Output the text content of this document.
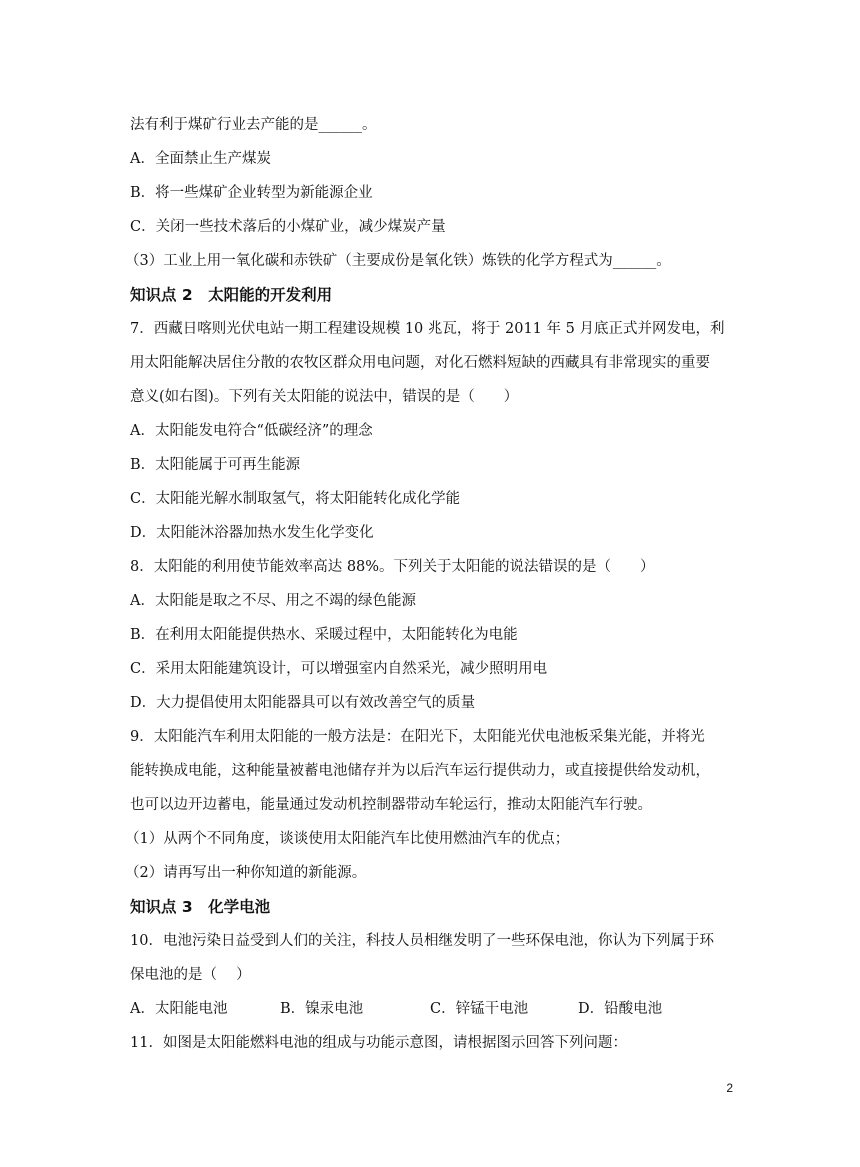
法有利于煤矿行业去产能的是______。
A．全面禁止生产煤炭
B．将一些煤矿企业转型为新能源企业
C．关闭一些技术落后的小煤矿业，减少煤炭产量
（3）工业上用一氧化碳和赤铁矿（主要成份是氧化铁）炼铁的化学方程式为______。
知识点 2　太阳能的开发利用
7．西藏日喀则光伏电站一期工程建设规模 10 兆瓦，将于 2011 年 5 月底正式并网发电，利
用太阳能解决居住分散的农牧区群众用电问题，对化石燃料短缺的西藏具有非常现实的重要
意义(如右图)。下列有关太阳能的说法中，错误的是（　　）
A．太阳能发电符合“低碳经济”的理念
B．太阳能属于可再生能源
C．太阳能光解水制取氢气，将太阳能转化成化学能
D．太阳能沐浴器加热水发生化学变化
8．太阳能的利用使节能效率高达 88%。下列关于太阳能的说法错误的是（　　）
A．太阳能是取之不尽、用之不竭的绿色能源
B．在利用太阳能提供热水、采暖过程中，太阳能转化为电能
C．采用太阳能建筑设计，可以增强室内自然采光，减少照明用电
D．大力提倡使用太阳能器具可以有效改善空气的质量
9．太阳能汽车利用太阳能的一般方法是：在阳光下，太阳能光伏电池板采集光能，并将光
能转换成电能，这种能量被蓄电池储存并为以后汽车运行提供动力，或直接提供给发动机，
也可以边开边蓄电，能量通过发动机控制器带动车轮运行，推动太阳能汽车行驶。
（1）从两个不同角度，谈谈使用太阳能汽车比使用燃油汽车的优点；
（2）请再写出一种你知道的新能源。
知识点 3　化学电池
10．电池污染日益受到人们的关注，科技人员相继发明了一些环保电池，你认为下列属于环
保电池的是（　 ）
A．太阳能电池	B．镍汞电池	C．锌锰干电池	D．铅酸电池
11．如图是太阳能燃料电池的组成与功能示意图，请根据图示回答下列问题：
2
